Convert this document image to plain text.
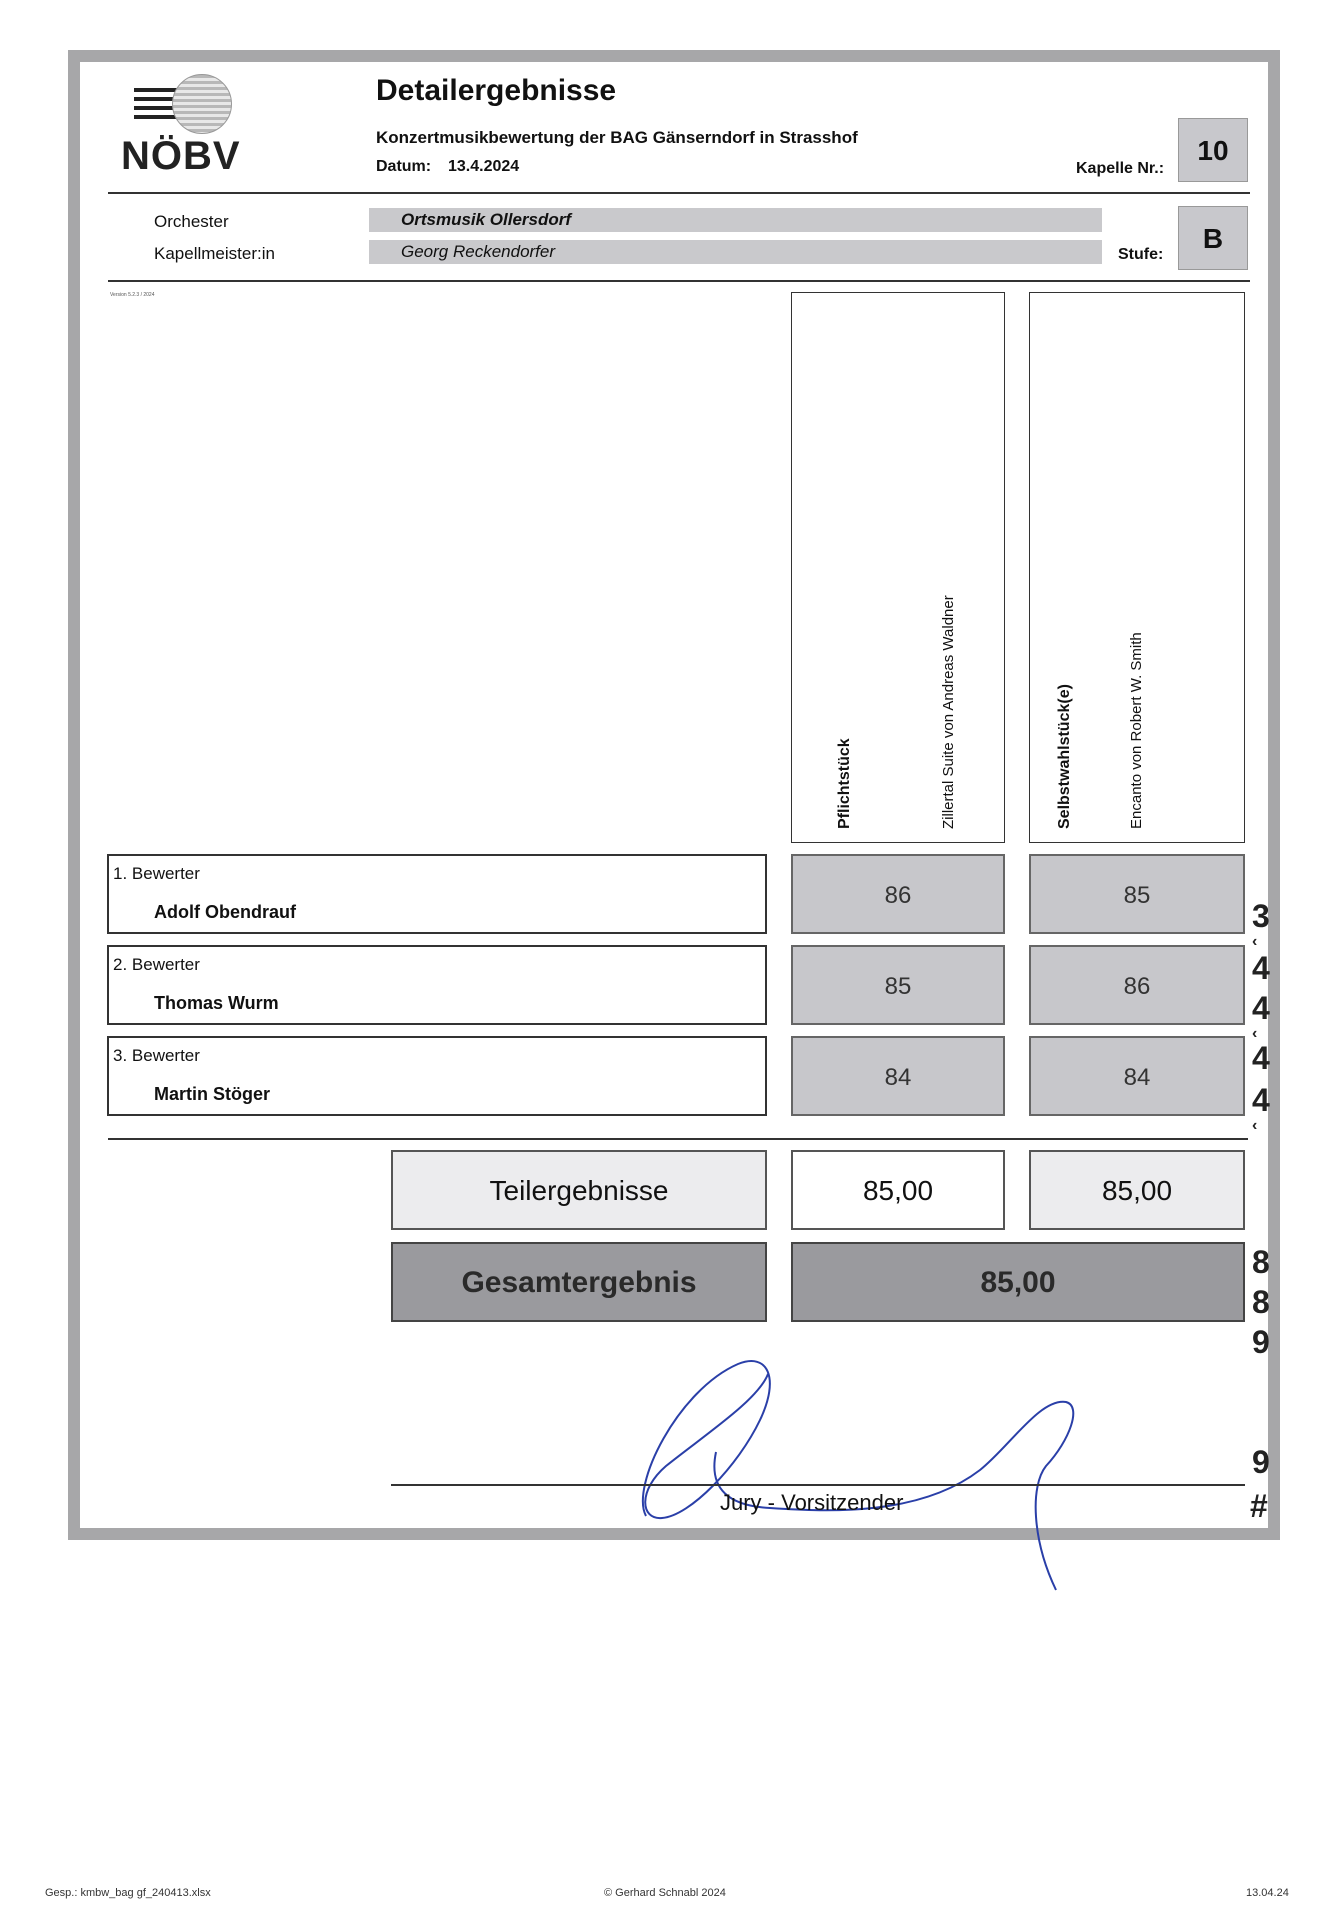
NÖBV
Detailergebnisse
Konzertmusikbewertung der BAG Gänserndorf in Strasshof
Datum: 13.4.2024	Kapelle Nr.:
10
Orchester	Ortsmusik Ollersdorf
Kapellmeister:in	Georg Reckendorfer	Stufe:
B
Version 5.2.3 / 2024
Pflichtstück	Zillertal Suite von Andreas Waldner	Selbstwahlstück(e)	Encanto von Robert W. Smith
1. Bewerter
Adolf Obendrauf
86	85
2. Bewerter
Thomas Wurm
85	86
3. Bewerter
Martin Stöger
84	84
Teilergebnisse	85,00	85,00
Gesamtergebnis	85,00
Jury - Vorsitzender
3
‹
4
4
‹
4
4
‹
8
8
9
9
#
Gesp.: kmbw_bag gf_240413.xlsx	© Gerhard Schnabl 2024	13.04.24
